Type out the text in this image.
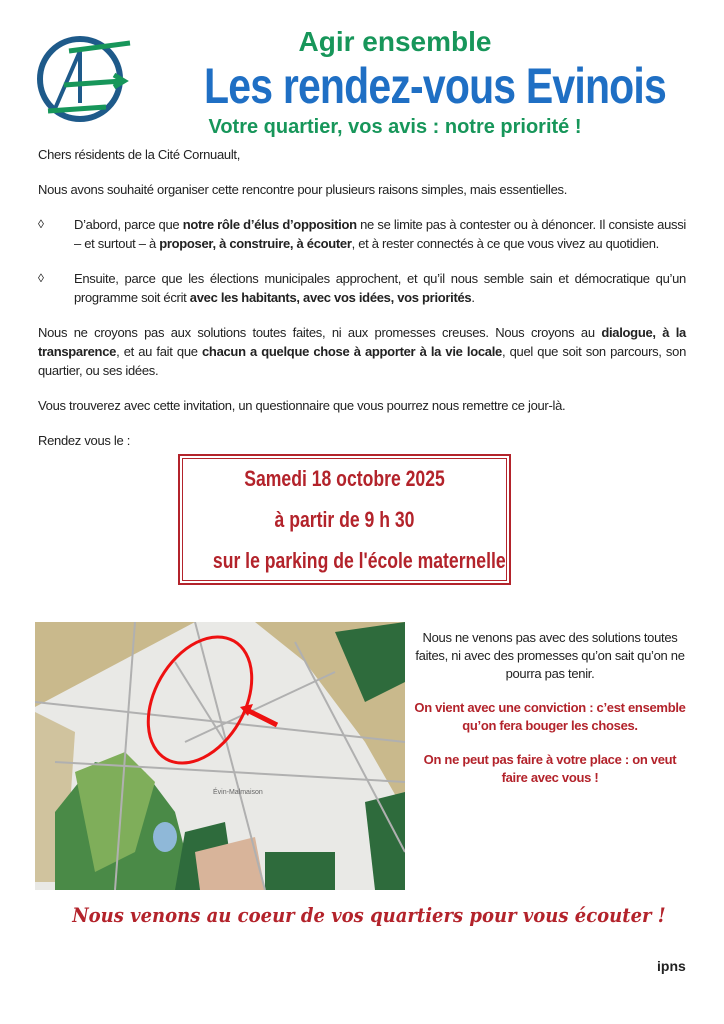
Agir ensemble
Les rendez-vous Evinois
Votre quartier, vos avis : notre priorité !
Chers résidents de la Cité Cornuault,
Nous avons souhaité organiser cette rencontre pour plusieurs raisons simples, mais essentielles.
◊	D’abord, parce que notre rôle d’élus d’opposition ne se limite pas à contester ou à dénoncer. Il consiste aussi – et surtout – à proposer, à construire, à écouter, et à rester connectés à ce que vous vivez au quotidien.
◊	Ensuite, parce que les élections municipales approchent, et qu’il nous semble sain et démocratique qu’un programme soit écrit avec les habitants, avec vos idées, vos priorités.
Nous ne croyons pas aux solutions toutes faites, ni aux promesses creuses. Nous croyons au dialogue, à la transparence, et au fait que chacun a quelque chose à apporter à la vie locale, quel que soit son parcours, son quartier, ou ses idées.
Vous trouverez avec cette invitation, un questionnaire que vous pourrez nous remettre ce jour-là.
Rendez vous le :
Samedi 18 octobre 2025
à partir de 9 h 30
sur le parking de l'école maternelle
Évin-Malmaison
Nous ne venons pas avec des solutions toutes faites, ni avec des promesses qu’on sait qu’on ne pourra pas tenir.
On vient avec une conviction : c’est ensemble qu’on fera bouger les choses.
On ne peut pas faire à votre place : on veut faire avec vous !
Nous venons au coeur de vos quartiers pour vous écouter !
ipns
